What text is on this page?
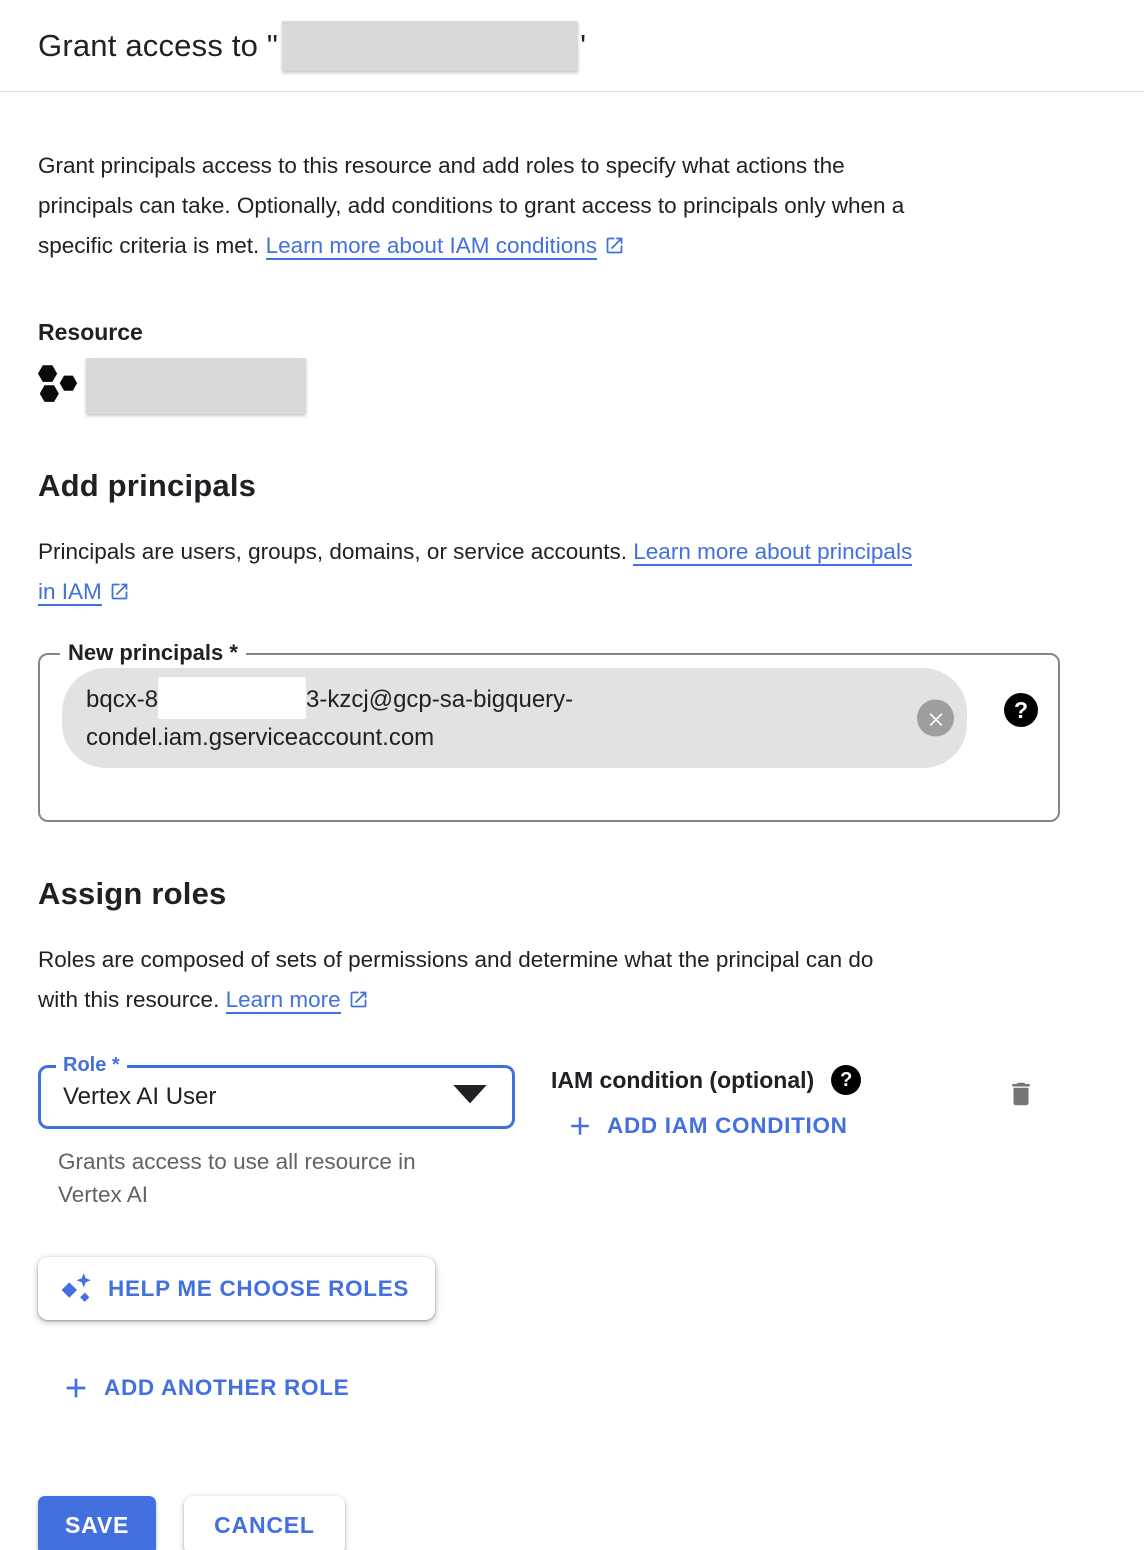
Grant access to "	'

Grant principals access to this resource and add roles to specify what actions the
principals can take. Optionally, add conditions to grant access to principals only when a
specific criteria is met. Learn more about IAM conditions

Resource
Add principals

Principals are users, groups, domains, or service accounts. Learn more about principals
in IAM

New principals *
bqcx-8	3-kzcj@gcp-sa-bigquery-
condel.iam.gserviceaccount.com
?
Assign roles

Roles are composed of sets of permissions and determine what the principal can do
with this resource. Learn more

Role *
Vertex AI User
Grants access to use all resource in
Vertex AI
IAM condition (optional)	?
ADD IAM CONDITION
HELP ME CHOOSE ROLES
ADD ANOTHER ROLE
SAVE	CANCEL
